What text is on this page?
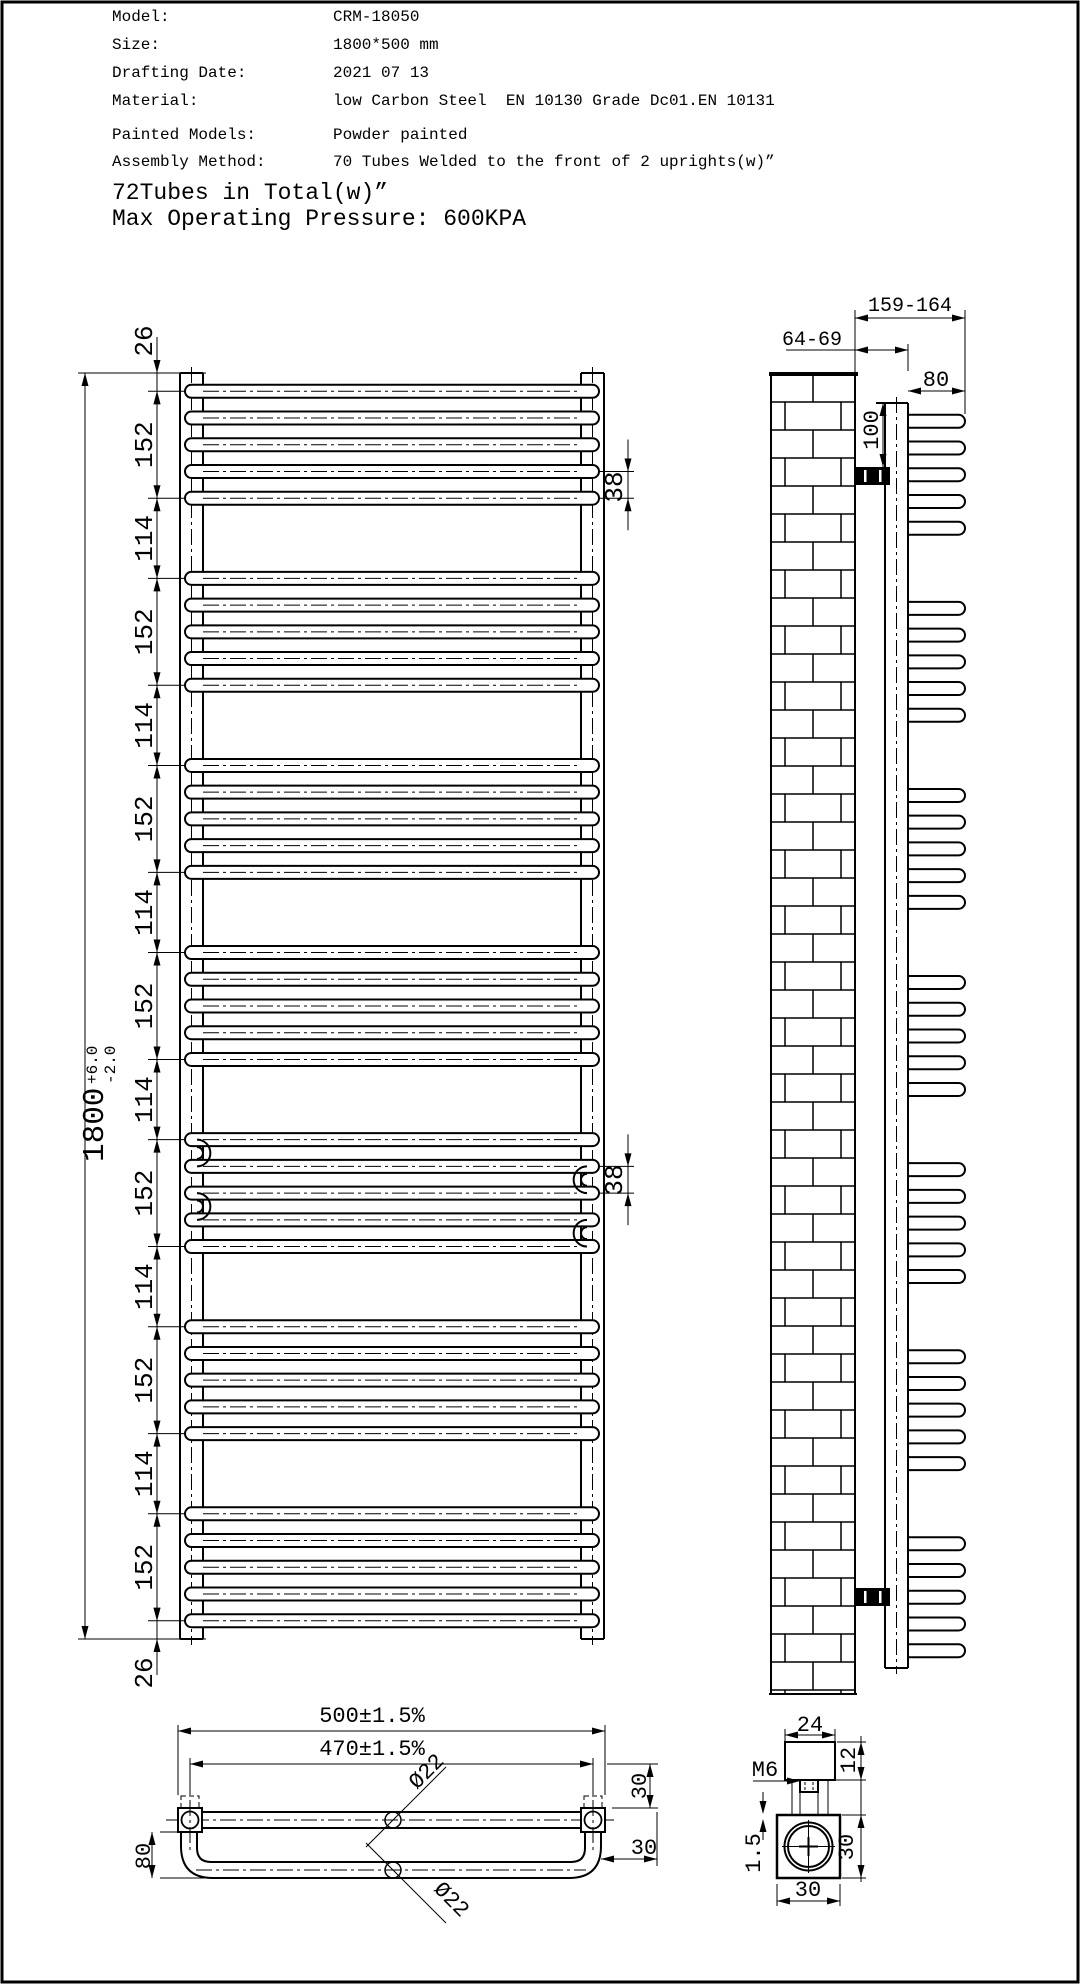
Model:	CRM-18050
Size:	1800*500 mm
Drafting Date:	2021 07 13
Material:	low Carbon Steel  EN 10130 Grade Dc01.EN 10131
Painted Models:	Powder painted
Assembly Method:	70 Tubes Welded to the front of 2 uprights(w)”
72Tubes in Total(w)”
Max Operating Pressure: 600KPA
26
152
114
152
114
152
114
152
114
152
114
152
114
152
26
1800
+6.0 -2.0
38
38
159-164
64-69
80
100
500±1.5%
470±1.5%
80
Ø22
Ø22
30
30
24
12
M6
1.5	30
30
